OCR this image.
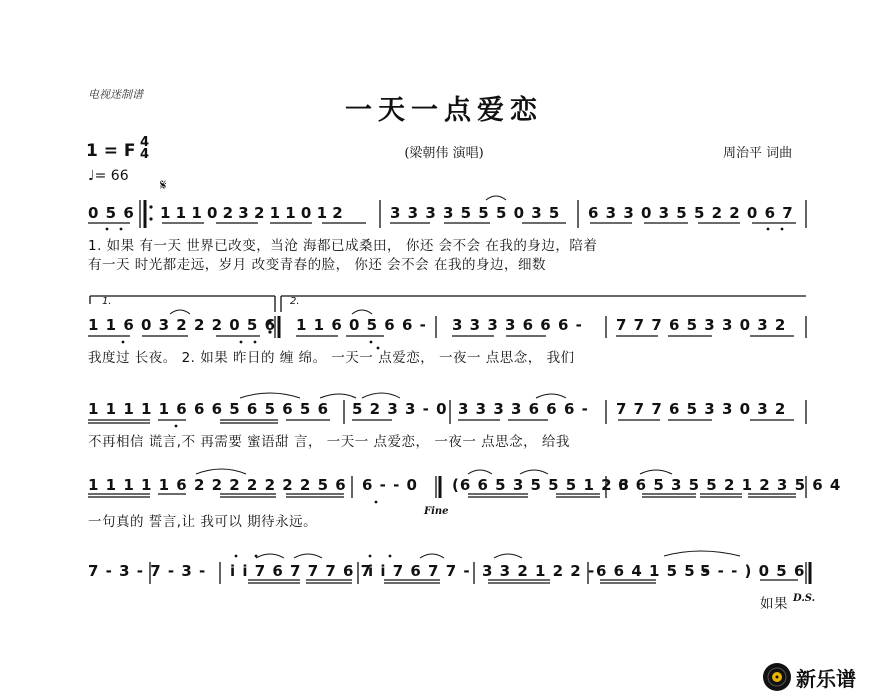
电视迷制谱
一天一点爱恋
1 = F 4
4	(梁朝伟 演唱)	周治平 词曲
♩= 66 𝄋
0 5 6 1 1 1 0 2 3 2 1 1 0 1 2	3 3 3 3 5 5 5 0 3 5 6 3 3 0 3 5 5 2 2 0 6 7
1. 如果 有一天 世界已改变，当沧 海都已成桑田， 你还 会不会 在我的身边，陪着
有一天 时光都走远，岁月 改变青春的脸， 你还 会不会 在我的身边，细数
1.	2.
1 1 6 0 3 2 2 2 0 5 6 1 1 6 0 5 6 6 - 3 3 3 3 6 6 6 - 7 7 7 6 5 3 3 0 3 2
我度过 长夜。 2. 如果 昨日的 缠 绵。 一天一 点爱恋， 一夜一 点思念， 我们
1 1 1 1 1 6 6 6 5 6 5 6 5 6 5 2 3 3 - 0 3 3 3 3 6 6 6 - 7 7 7 6 5 3 3 0 3 2
不再相信 谎言,不 再需要 蜜语甜 言， 一天一 点爱恋， 一夜一 点思念， 给我
1 1 1 1 1 6 2 2 2 2 2 2 2 5 6 6 - - 0 (6 6 5 3 5 5 5 1 2 3
6 6 5 3 5 5 2 1 2 3 5 6 4
一句真的 誓言,让 我可以 期待永远。
Fine
7 - 3 - 7 - 3 - i i 7 6 7 7 7 6 7
i i 7 6 7 7 - 3 3 2 1 2 2 - 6 6 4 1 5 5 -
5 - - ) 0 5 6
如果 D.S.
新乐谱
